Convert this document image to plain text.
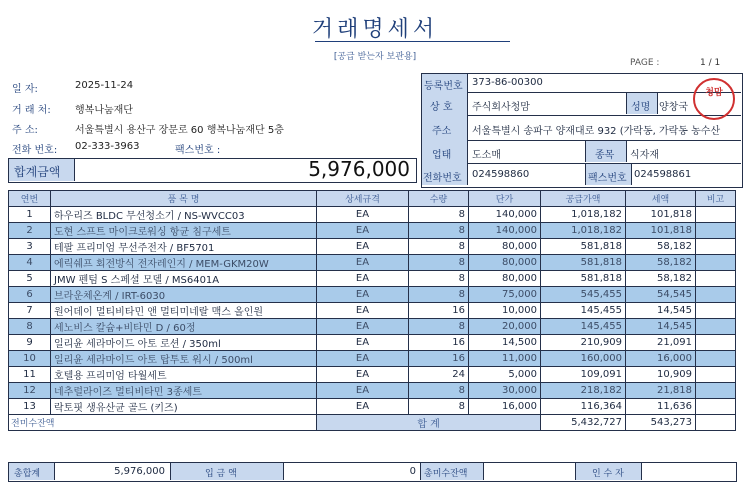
거래명세서
[공급 받는자 보관용]
PAGE :	1 / 1
일 자:	2025-11-24
거 래 처: 행복나눔재단
주 소:	서울특별시 용산구 장문로 60 행복나눔재단 5층
전화 번호: 02-333-3963	팩스번호 :
합계금액	5,976,000
등록번호 373-86-00300
상 호 주식회사청맘	성명 양창국
주소 서울특별시 송파구 양재대로 932 (가락동, 가락동 농수산
업태 도소매	종목 식자재
전화번호 024598860	팩스번호 024598861
청맘
연번	품 목 명	상세규격	수량	단가	공급가액	세액	비고
1	하우리즈 BLDC 무선청소기 / NS-WVCC03	EA	8	140,000	1,018,182	101,818	
2	도현 스프트 마이크로워싱 항균 침구세트	EA	8	140,000	1,018,182	101,818	
3	테팔 프리미엄 무선주전자 / BF5701	EA	8	80,000	581,818	58,182	
4	에릭쉐프 회전방식 전자레인지 / MEM-GKM20W	EA	8	80,000	581,818	58,182	
5	JMW 펜텀 S 스페셜 모델 / MS6401A	EA	8	80,000	581,818	58,182	
6	브라운체온계 / IRT-6030	EA	8	75,000	545,455	54,545	
7	원어데이 멀티비타민 앤 멀티미네랄 맥스 올인원	EA	16	10,000	145,455	14,545	
8	세노비스 칼슘+비타민 D / 60정	EA	8	20,000	145,455	14,545	
9	일리윤 세라마이드 아토 로션 / 350ml	EA	16	14,500	210,909	21,091	
10	일리윤 세라마이드 아토 탑투토 워시 / 500ml	EA	16	11,000	160,000	16,000	
11	호텔용 프리미엄 타월세트	EA	24	5,000	109,091	10,909	
12	네추럴라이즈 멀티비타민 3종세트	EA	8	30,000	218,182	21,818	
13	락토핏 생유산균 골드 (키즈)	EA	8	16,000	116,364	11,636	
전미수잔액		합 계			5,432,727	543,273	
총합계	5,976,000	입 금 액	0 총미수잔액	인 수 자
